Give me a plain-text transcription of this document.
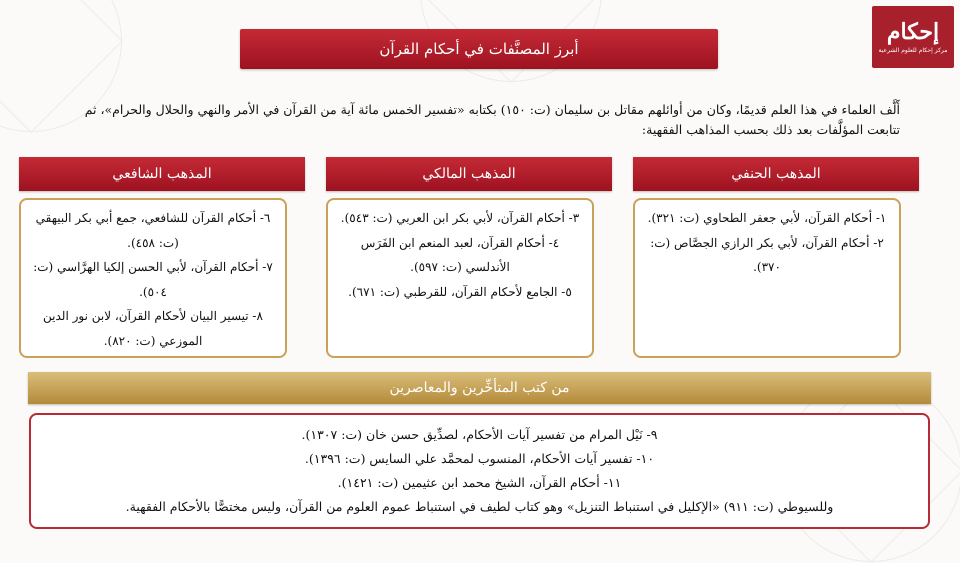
إحكام
مركز إحكام للعلوم الشرعية
أبرز المصنَّفات في أحكام القرآن

أَلَّف العلماء في هذا العلم قديمًا، وكان من أوائلهم مقاتل بن سليمان (ت: ١٥٠) بكتابه «تفسير الخمس مائة آية من القرآن في الأمر والنهي والحلال والحرام»، ثم

تتابعت المؤلَّفات بعد ذلك بحسب المذاهب الفقهية:

المذهب الحنفي

١- أحكام القرآن، لأبي جعفر الطحاوي (ت: ٣٢١).

٢- أحكام القرآن، لأبي بكر الرازي الجصَّاص (ت: ٣٧٠).

المذهب المالكي

٣- أحكام القرآن، لأبي بكر ابن العربي (ت: ٥٤٣).

٤- أحكام القرآن، لعبد المنعم ابن الفَرَس الأندلسي (ت: ٥٩٧).

٥- الجامع لأحكام القرآن، للقرطبي (ت: ٦٧١).

المذهب الشافعي

٦- أحكام القرآن للشافعي، جمع أبي بكر البيهقي (ت: ٤٥٨).

٧- أحكام القرآن، لأبي الحسن إلكيا الهرَّاسي (ت: ٥٠٤).

٨- تيسير البيان لأحكام القرآن، لابن نور الدين الموزعي (ت: ٨٢٠).

من كتب المتأخِّرين والمعاصرين

٩- نَيْل المرام من تفسير آيات الأحكام، لصدِّيق حسن خان (ت: ١٣٠٧).

١٠- تفسير آيات الأحكام، المنسوب لمحمَّد علي السايس (ت: ١٣٩٦).

١١- أحكام القرآن، الشيخ محمد ابن عثيمين (ت: ١٤٢١).

وللسيوطي (ت: ٩١١) «الإكليل في استنباط التنزيل» وهو كتاب لطيف في استنباط عموم العلوم من القرآن، وليس مختصًّا بالأحكام الفقهية.
